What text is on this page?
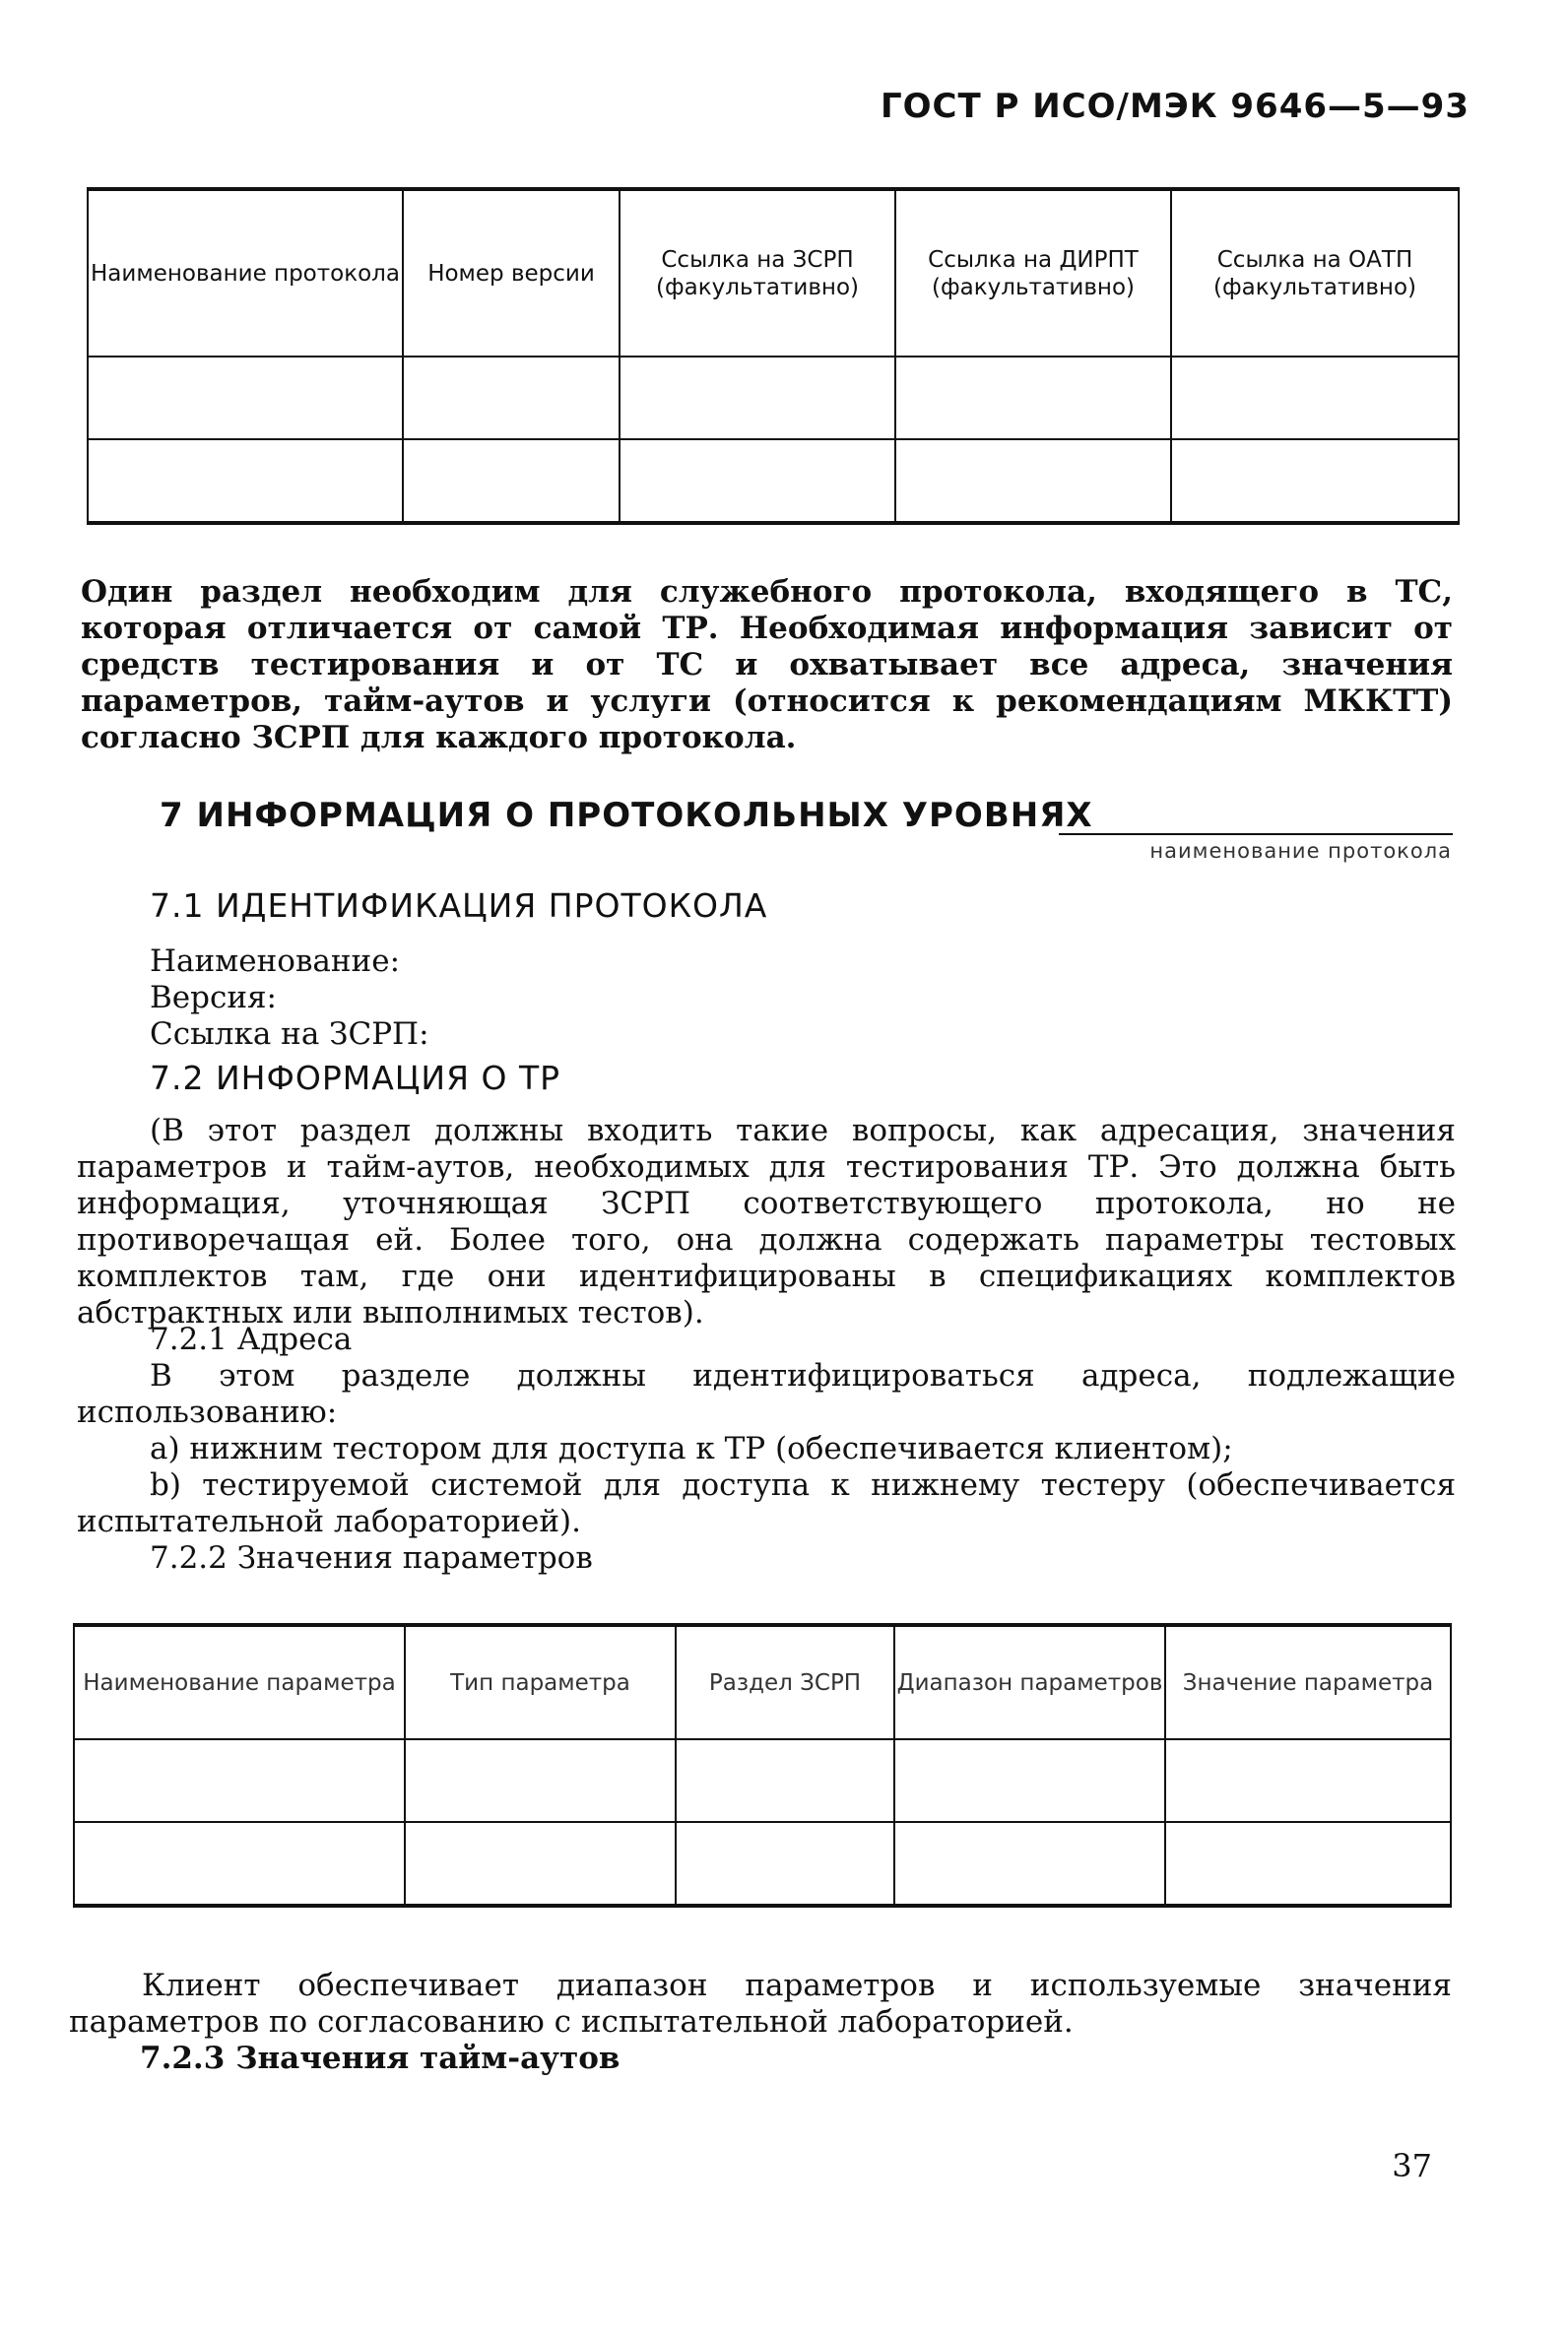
ГОСТ Р ИСО/МЭК 9646—5—93
Наименование протокола	Номер версии	Ссылка на ЗСРП (факультативно)	Ссылка на ДИРПТ (факультативно)	Ссылка на ОАТП (факультативно)

Один раздел необходим для служебного протокола, входящего в ТС, которая отличается от самой ТР. Необходимая информация зависит от средств тестирования и от ТС и охватывает все адреса, значения параметров, тайм-аутов и услуги (относится к рекомендациям МККТТ) согласно ЗСРП для каждого протокола.

7 ИНФОРМАЦИЯ О ПРОТОКОЛЬНЫХ УРОВНЯХ
наименование протокола
7.1 ИДЕНТИФИКАЦИЯ ПРОТОКОЛА
Наименование:
Версия:
Ссылка на ЗСРП:
7.2 ИНФОРМАЦИЯ О ТР

(В этот раздел должны входить такие вопросы, как адресация, значения параметров и тайм-аутов, необходимых для тестирования ТР. Это должна быть информация, уточняющая ЗСРП соответствующего протокола, но не противоречащая ей. Более того, она должна содержать параметры тестовых комплектов там, где они идентифицированы в спецификациях комплектов абстрактных или выполнимых тестов).

7.2.1 Адреса

В этом разделе должны идентифицироваться адреса, подлежащие использованию:

а) нижним тестором для доступа к ТР (обеспечивается клиентом);

b) тестируемой системой для доступа к нижнему тестеру (обеспечивается испытательной лабораторией).

7.2.2 Значения параметров
Наименование параметра	Тип параметра	Раздел ЗСРП	Диапазон параметров	Значение параметра

Клиент обеспечивает диапазон параметров и используемые значения параметров по согласованию с испытательной лабораторией.

7.2.3 Значения тайм-аутов
37
